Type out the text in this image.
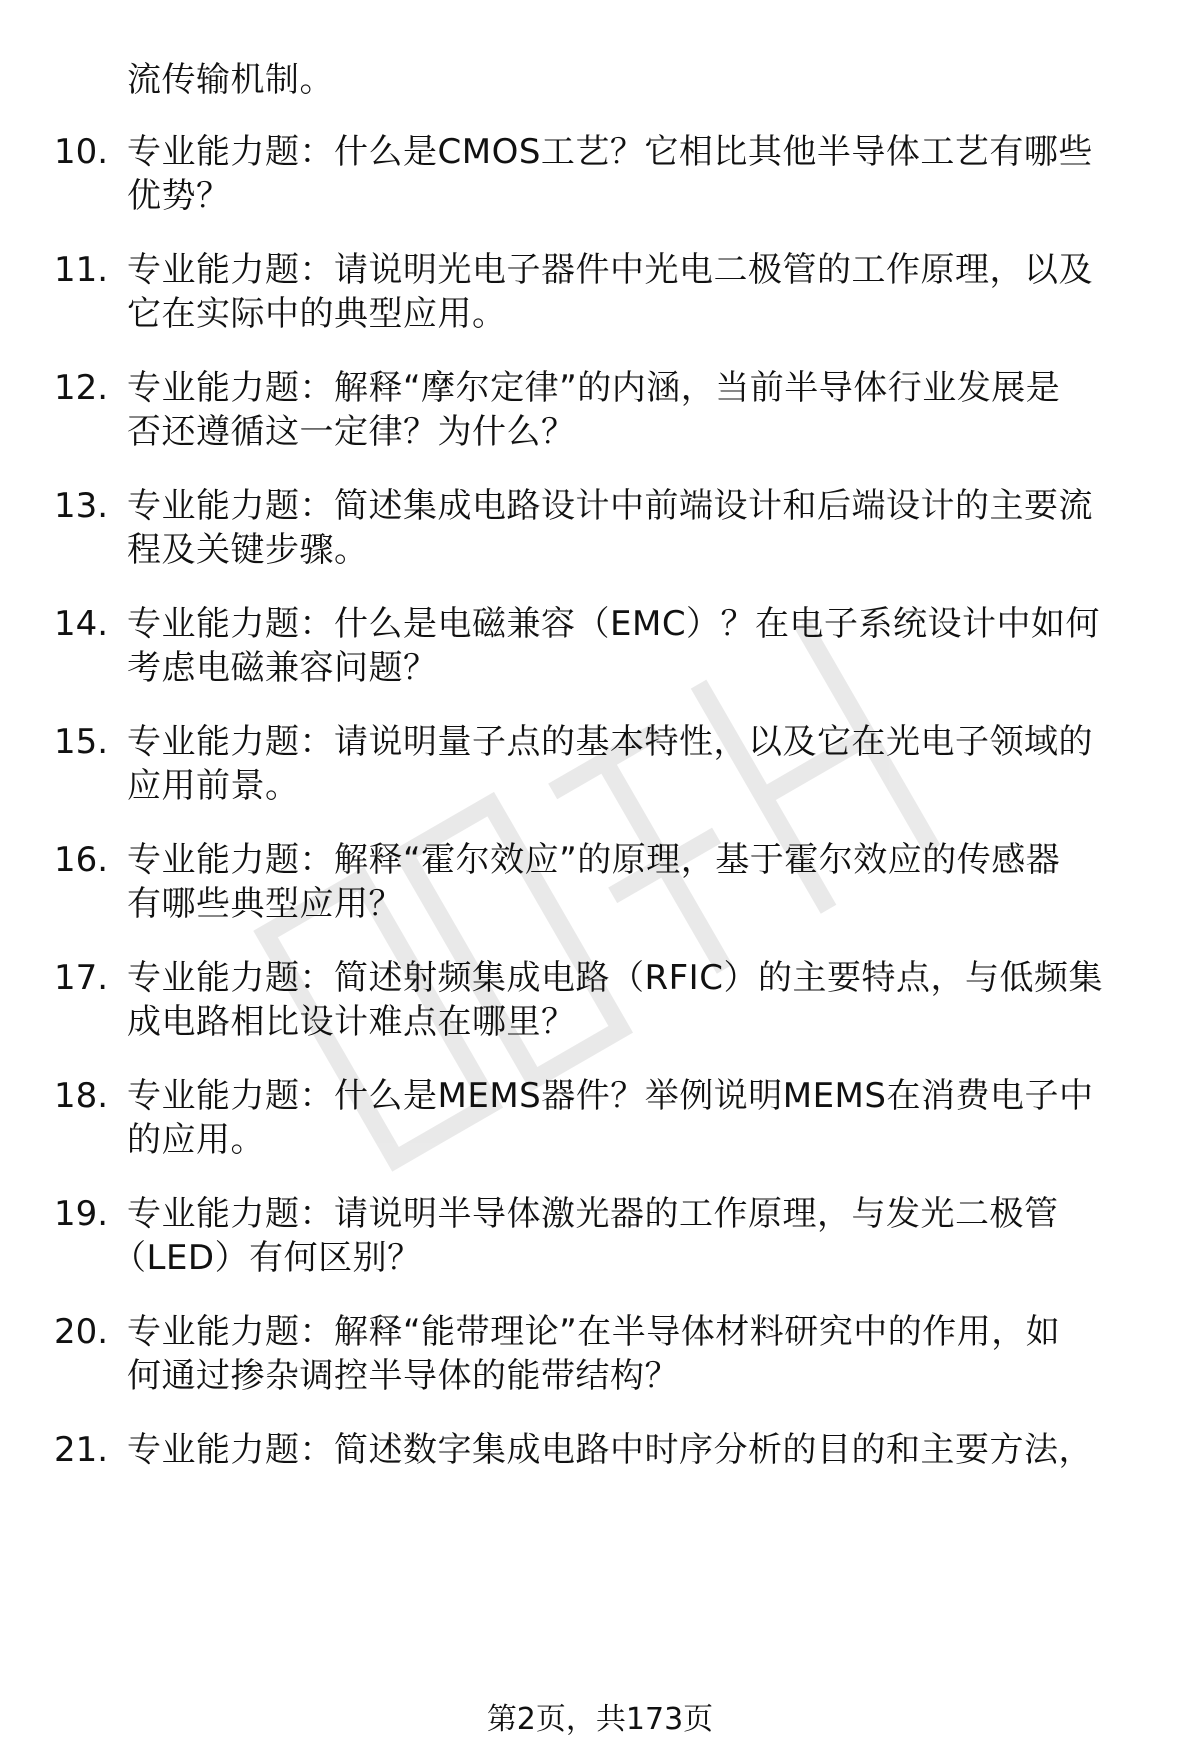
流传输机制。
10. 专业能力题：什么是CMOS工艺？它相比其他半导体工艺有哪些
优势？
11. 专业能力题：请说明光电子器件中光电二极管的工作原理，以及
它在实际中的典型应用。
12. 专业能力题：解释“摩尔定律”的内涵，当前半导体行业发展是
否还遵循这一定律？为什么？
13. 专业能力题：简述集成电路设计中前端设计和后端设计的主要流
程及关键步骤。
14. 专业能力题：什么是电磁兼容（EMC）？在电子系统设计中如何
考虑电磁兼容问题？
15. 专业能力题：请说明量子点的基本特性，以及它在光电子领域的
应用前景。
16. 专业能力题：解释“霍尔效应”的原理，基于霍尔效应的传感器
有哪些典型应用？
17. 专业能力题：简述射频集成电路（RFIC）的主要特点，与低频集
成电路相比设计难点在哪里？
18. 专业能力题：什么是MEMS器件？举例说明MEMS在消费电子中
的应用。
19. 专业能力题：请说明半导体激光器的工作原理，与发光二极管
（LED）有何区别？
20. 专业能力题：解释“能带理论”在半导体材料研究中的作用，如
何通过掺杂调控半导体的能带结构？
21. 专业能力题：简述数字集成电路中时序分析的目的和主要方法，
第2页，共173页
